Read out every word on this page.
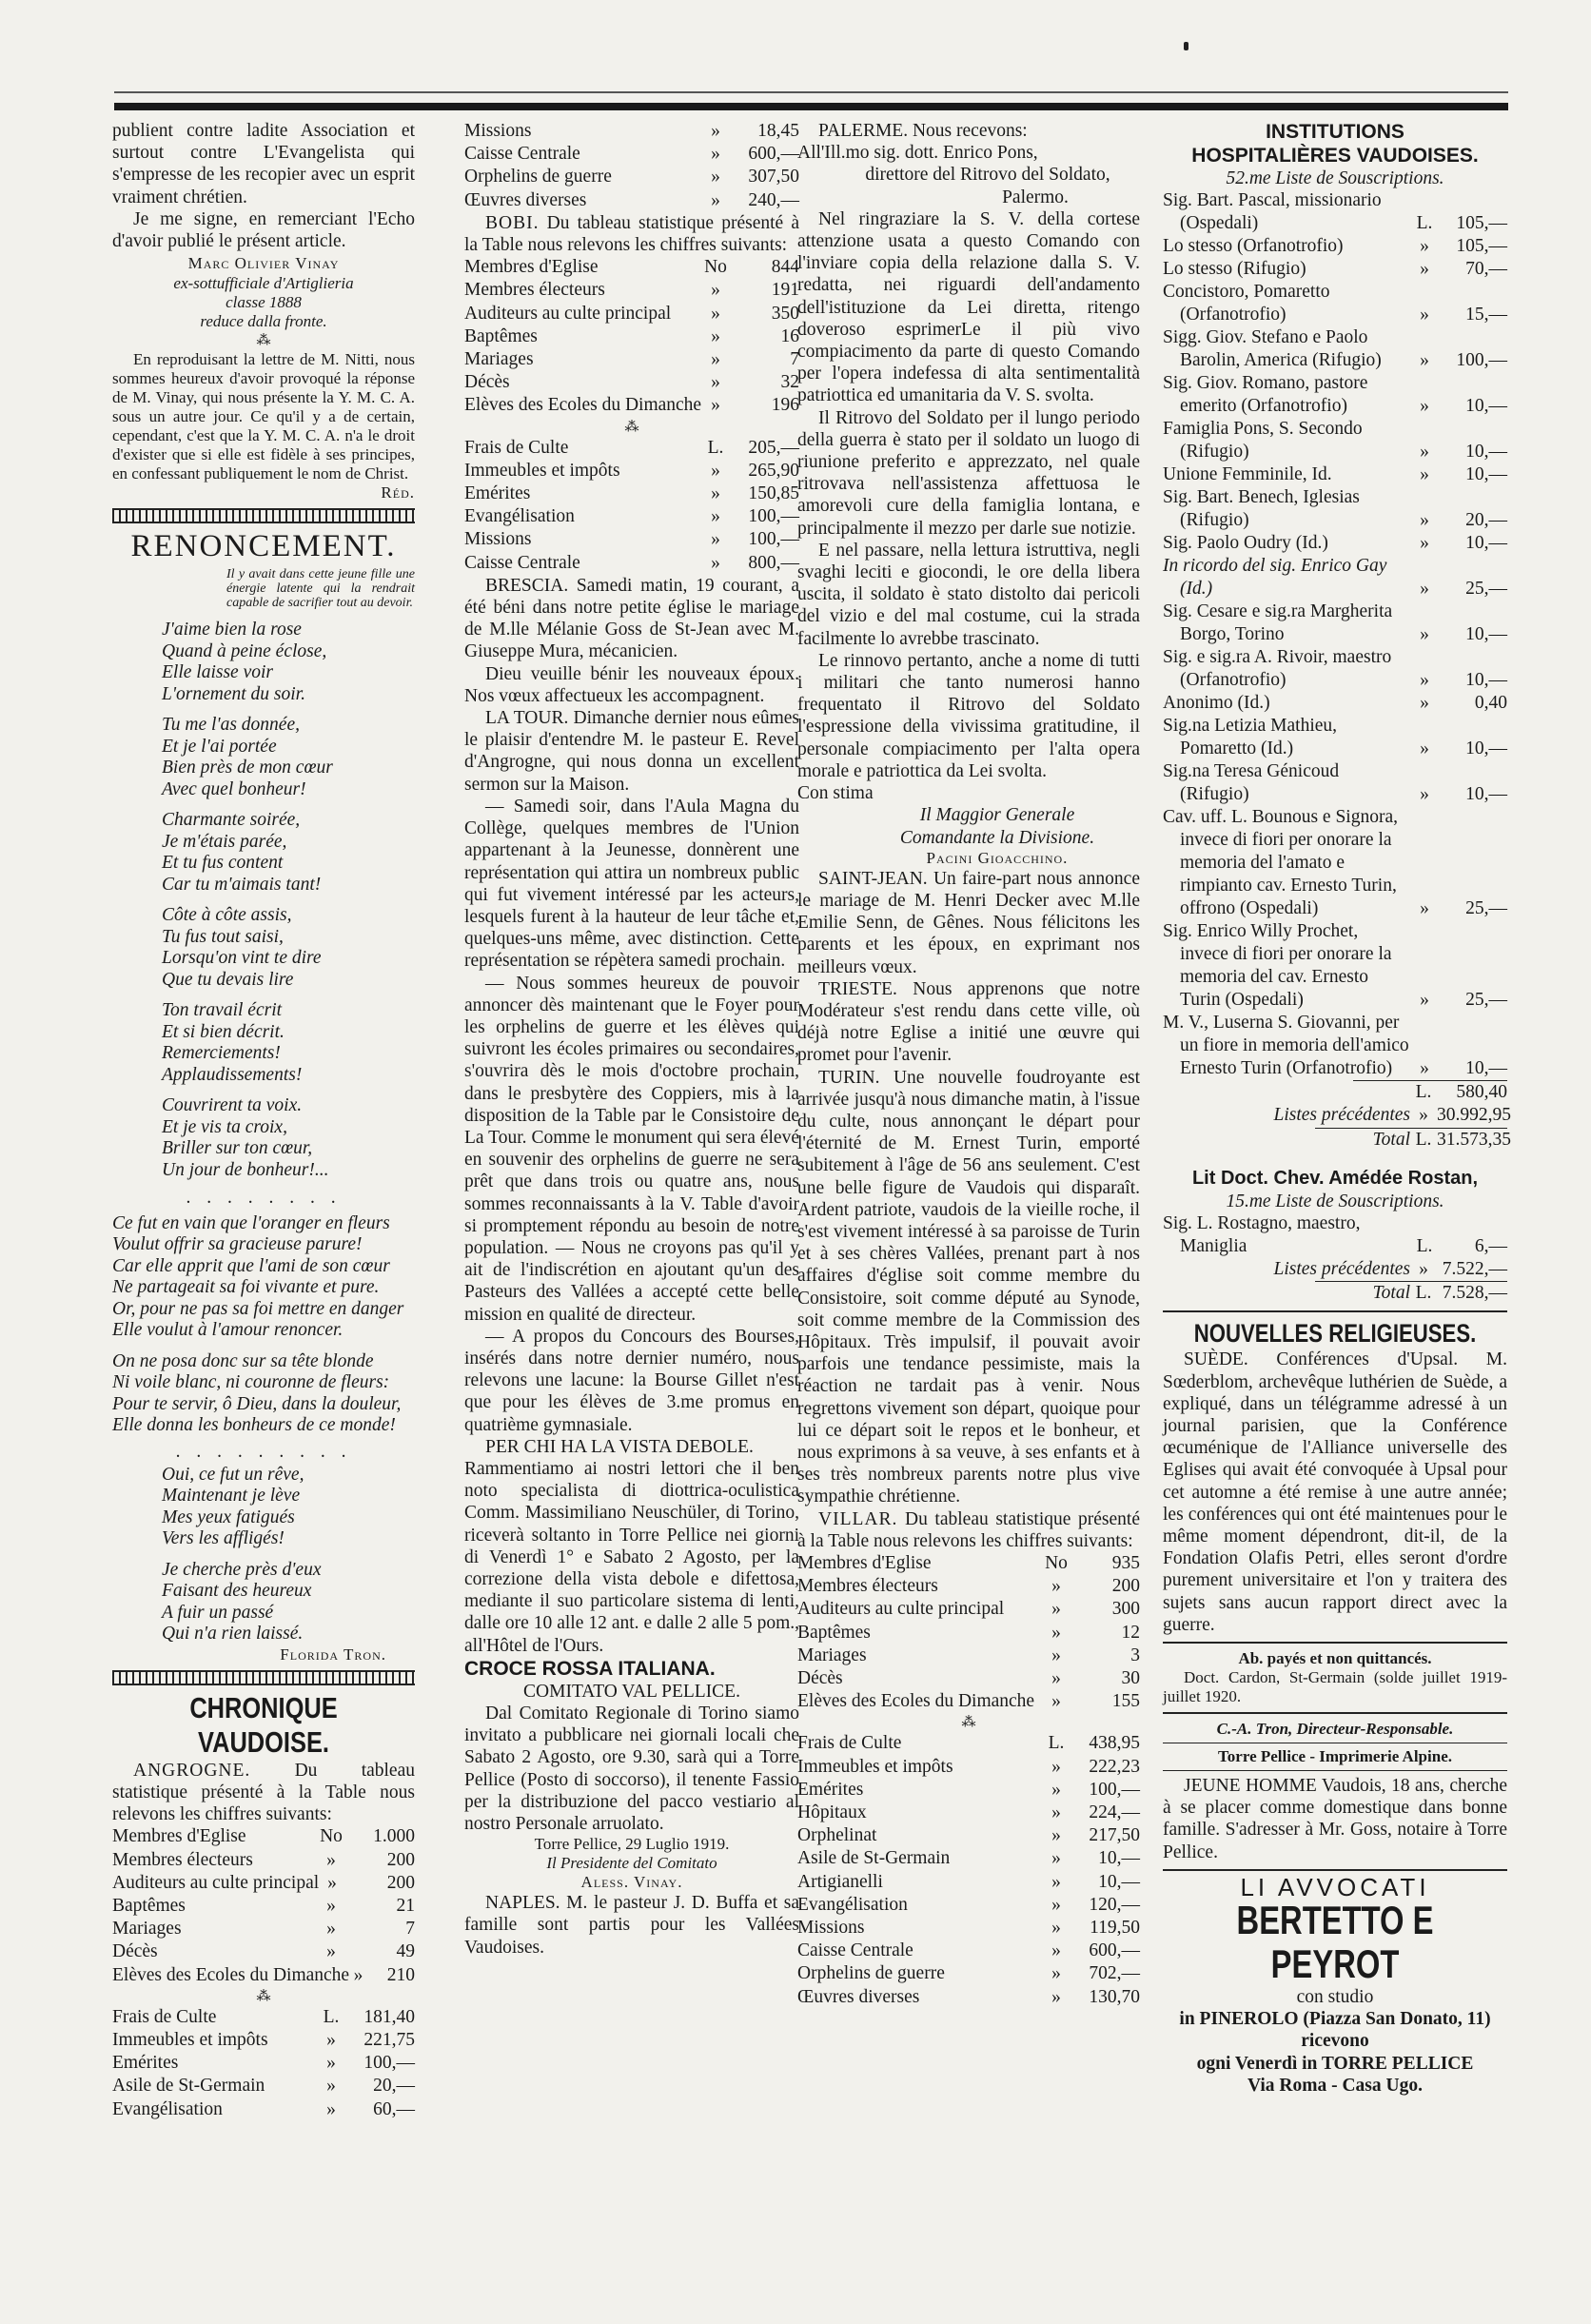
publient contre ladite Association et surtout contre L'Evangelista qui s'empresse de les recopier avec un esprit vraiment chrétien.

Je me signe, en remerciant l'Echo d'avoir publié le présent article.

Marc Olivier Vinay

ex-sottufficiale d'Artiglieria

classe 1888

reduce dalla fronte.

⁂

En reproduisant la lettre de M. Nitti, nous sommes heureux d'avoir provoqué la réponse de M. Vinay, qui nous présente la Y. M. C. A. sous un autre jour. Ce qu'il y a de certain, cependant, c'est que la Y. M. C. A. n'a le droit d'exister que si elle est fidèle à ses principes, en confessant publiquement le nom de Christ.

Réd.

RENONCEMENT.

Il y avait dans cette jeune fille une énergie latente qui la rendrait capable de sacrifier tout au devoir.

J'aime bien la rose
Quand à peine éclose,
Elle laisse voir
L'ornement du soir.
Tu me l'as donnée,
Et je l'ai portée
Bien près de mon cœur
Avec quel bonheur!
Charmante soirée,
Je m'étais parée,
Et tu fus content
Car tu m'aimais tant!
Côte à côte assis,
Tu fus tout saisi,
Lorsqu'on vint te dire
Que tu devais lire
Ton travail écrit
Et si bien décrit.
Remerciements!
Applaudissements!
Couvrirent ta voix.
Et je vis ta croix,
Briller sur ton cœur,
Un jour de bonheur!...

. . . . . . . .

Ce fut en vain que l'oranger en fleurs
Voulut offrir sa gracieuse parure!
Car elle apprit que l'ami de son cœur
Ne partageait sa foi vivante et pure.
Or, pour ne pas sa foi mettre en danger
Elle voulut à l'amour renoncer.
On ne posa donc sur sa tête blonde
Ni voile blanc, ni couronne de fleurs:
Pour te servir, ô Dieu, dans la douleur,
Elle donna les bonheurs de ce monde!

. . . . . . . . .

Oui, ce fut un rêve,
Maintenant je lève
Mes yeux fatigués
Vers les affligés!
Je cherche près d'eux
Faisant des heureux
A fuir un passé
Qui n'a rien laissé.

Florida Tron.

CHRONIQUE VAUDOISE.

ANGROGNE. Du tableau statistique présenté à la Table nous relevons les chiffres suivants:

Membres d'Eglise	No	1.000
Membres électeurs	»	200
Auditeurs au culte principal »	200
Baptêmes	»	21
Mariages	»	7
Décès	»	49
Elèves des Ecoles du Dimanche »	210
⁂
Frais de Culte	L.	181,40
Immeubles et impôts	»	221,75
Emérites	»	100,—
Asile de St-Germain	»	20,—
Evangélisation	»	60,—
Missions	»	18,45
Caisse Centrale	»	600,—
Orphelins de guerre	»	307,50
Œuvres diverses	»	240,—

BOBI. Du tableau statistique présenté à la Table nous relevons les chiffres suivants:

Membres d'Eglise	No	844
Membres électeurs	»	191
Auditeurs au culte principal	»	350
Baptêmes	»	16
Mariages	»	7
Décès	»	32
Elèves des Ecoles du Dimanche »	196
⁂
Frais de Culte	L.	205,—
Immeubles et impôts	»	265,90
Emérites	»	150,85
Evangélisation	»	100,—
Missions	»	100,—
Caisse Centrale	»	800,—

BRESCIA. Samedi matin, 19 courant, a été béni dans notre petite église le mariage de M.lle Mélanie Goss de St-Jean avec M. Giuseppe Mura, mécanicien.

Dieu veuille bénir les nouveaux époux. Nos vœux affectueux les accompagnent.

LA TOUR. Dimanche dernier nous eûmes le plaisir d'entendre M. le pasteur E. Revel d'Angrogne, qui nous donna un excellent sermon sur la Maison.

— Samedi soir, dans l'Aula Magna du Collège, quelques membres de l'Union appartenant à la Jeunesse, donnèrent une représentation qui attira un nombreux public qui fut vivement intéressé par les acteurs, lesquels furent à la hauteur de leur tâche et, quelques-uns même, avec distinction. Cette représentation se répètera samedi prochain.

— Nous sommes heureux de pouvoir annoncer dès maintenant que le Foyer pour les orphelins de guerre et les élèves qui suivront les écoles primaires ou secondaires, s'ouvrira dès le mois d'octobre prochain, dans le presbytère des Coppiers, mis à la disposition de la Table par le Consistoire de La Tour. Comme le monument qui sera élevé en souvenir des orphelins de guerre ne sera prêt que dans trois ou quatre ans, nous sommes reconnaissants à la V. Table d'avoir si promptement répondu au besoin de notre population. — Nous ne croyons pas qu'il y ait de l'indiscrétion en ajoutant qu'un des Pasteurs des Vallées a accepté cette belle mission en qualité de directeur.

— A propos du Concours des Bourses, insérés dans notre dernier numéro, nous relevons une lacune: la Bourse Gillet n'est que pour les élèves de 3.me promus en quatrième gymnasiale.

PER CHI HA LA VISTA DEBOLE.

Rammentiamo ai nostri lettori che il ben noto specialista di diottrica-oculistica Comm. Massimiliano Neuschüler, di Torino, riceverà soltanto in Torre Pellice nei giorni di Venerdì 1° e Sabato 2 Agosto, per la correzione della vista debole e difettosa, mediante il suo particolare sistema di lenti, dalle ore 10 alle 12 ant. e dalle 2 alle 5 pom., all'Hôtel de l'Ours.

CROCE ROSSA ITALIANA.

COMITATO VAL PELLICE.

Dal Comitato Regionale di Torino siamo invitato a pubblicare nei giornali locali che Sabato 2 Agosto, ore 9.30, sarà qui a Torre Pellice (Posto di soccorso), il tenente Fassio per la distribuzione del pacco vestiario al nostro Personale arruolato.

Torre Pellice, 29 Luglio 1919.

Il Presidente del Comitato

Aless. Vinay.

NAPLES. M. le pasteur J. D. Buffa et sa famille sont partis pour les Vallées Vaudoises.

PALERME. Nous recevons:

All'Ill.mo sig. dott. Enrico Pons,

direttore del Ritrovo del Soldato,

Palermo.

Nel ringraziare la S. V. della cortese attenzione usata a questo Comando con l'inviare copia della relazione dalla S. V. redatta, nei riguardi dell'andamento dell'istituzione da Lei diretta, ritengo doveroso esprimerLe il più vivo compiacimento da parte di questo Comando per l'opera indefessa di alta sentimentalità patriottica ed umanitaria da V. S. svolta.

Il Ritrovo del Soldato per il lungo periodo della guerra è stato per il soldato un luogo di riunione preferito e apprezzato, nel quale ritrovava nell'assistenza affettuosa le amorevoli cure della famiglia lontana, e principalmente il mezzo per darle sue notizie.

E nel passare, nella lettura istruttiva, negli svaghi leciti e giocondi, le ore della libera uscita, il soldato è stato distolto dai pericoli del vizio e del mal costume, cui la strada facilmente lo avrebbe trascinato.

Le rinnovo pertanto, anche a nome di tutti i militari che tanto numerosi hanno frequentato il Ritrovo del Soldato l'espressione della vivissima gratitudine, il personale compiacimento per l'alta opera morale e patriottica da Lei svolta.

Con stima

Il Maggior Generale

Comandante la Divisione.

Pacini Gioacchino.

SAINT-JEAN. Un faire-part nous annonce le mariage de M. Henri Decker avec M.lle Emilie Senn, de Gênes. Nous félicitons les parents et les époux, en exprimant nos meilleurs vœux.

TRIESTE. Nous apprenons que notre Modérateur s'est rendu dans cette ville, où déjà notre Eglise a initié une œuvre qui promet pour l'avenir.

TURIN. Une nouvelle foudroyante est arrivée jusqu'à nous dimanche matin, à l'issue du culte, nous annonçant le départ pour l'éternité de M. Ernest Turin, emporté subitement à l'âge de 56 ans seulement. C'est une belle figure de Vaudois qui disparaît. Ardent patriote, vaudois de la vieille roche, il s'est vivement intéressé à sa paroisse de Turin et à ses chères Vallées, prenant part à nos affaires d'église soit comme membre du Consistoire, soit comme député au Synode, soit comme membre de la Commission des Hôpitaux. Très impulsif, il pouvait avoir parfois une tendance pessimiste, mais la réaction ne tardait pas à venir. Nous regrettons vivement son départ, quoique pour lui ce départ soit le repos et le bonheur, et nous exprimons à sa veuve, à ses enfants et à ses très nombreux parents notre plus vive sympathie chrétienne.

VILLAR. Du tableau statistique présenté à la Table nous relevons les chiffres suivants:

Membres d'Eglise	No	935
Membres électeurs	»	200
Auditeurs au culte principal	»	300
Baptêmes	»	12
Mariages	»	3
Décès	»	30
Elèves des Ecoles du Dimanche »	155
⁂
Frais de Culte	L.	438,95
Immeubles et impôts	»	222,23
Emérites	»	100,—
Hôpitaux	»	224,—
Orphelinat	»	217,50
Asile de St-Germain	»	10,—
Artigianelli	»	10,—
Evangélisation	»	120,—
Missions	»	119,50
Caisse Centrale	»	600,—
Orphelins de guerre	»	702,—
Œuvres diverses	»	130,70
INSTITUTIONS
HOSPITALIÈRES VAUDOISES.

52.me Liste de Souscriptions.

Sig. Bart. Pascal, missionario (Ospedali)	L.	105,—
Lo stesso (Orfanotrofio)	»	105,—
Lo stesso (Rifugio)	»	70,—
Concistoro, Pomaretto (Orfanotrofio)	»	15,—
Sigg. Giov. Stefano e Paolo Barolin, America (Rifugio)	»	100,—
Sig. Giov. Romano, pastore emerito (Orfanotrofio)	»	10,—
Famiglia Pons, S. Secondo (Rifugio)	»	10,—
Unione Femminile, Id.	»	10,—
Sig. Bart. Benech, Iglesias (Rifugio)	»	20,—
Sig. Paolo Oudry (Id.)	»	10,—
In ricordo del sig. Enrico Gay (Id.)	»	25,—
Sig. Cesare e sig.ra Margherita Borgo, Torino	»	10,—
Sig. e sig.ra A. Rivoir, maestro (Orfanotrofio)	»	10,—
Anonimo (Id.)	»	0,40
Sig.na Letizia Mathieu, Pomaretto (Id.)	»	10,—
Sig.na Teresa Génicoud (Rifugio)	»	10,—
Cav. uff. L. Bounous e Signora, invece di fiori per onorare la memoria del l'amato e rimpianto cav. Ernesto Turin, offrono (Ospedali)	»	25,—
Sig. Enrico Willy Prochet, invece di fiori per onorare la memoria del cav. Ernesto Turin (Ospedali)	»	25,—
M. V., Luserna S. Giovanni, per un fiore in memoria dell'amico Ernesto Turin (Orfanotrofio)	»	10,—
L.	580,40
Listes précédentes » 30.992,95
Total L. 31.573,35
Lit Doct. Chev. Amédée Rostan,

15.me Liste de Souscriptions.

Sig. L. Rostagno, maestro, Maniglia	L.	6,—
Listes précédentes » 7.522,—
Total L. 7.528,—
NOUVELLES RELIGIEUSES.

SUÈDE. Conférences d'Upsal. M. Sœderblom, archevêque luthérien de Suède, a expliqué, dans un télégramme adressé à un journal parisien, que la Conférence œcuménique de l'Alliance universelle des Eglises qui avait été convoquée à Upsal pour cet automne a été remise à une autre année; les conférences qui ont été maintenues pour le même moment dépendront, dit-il, de la Fondation Olafis Petri, elles seront d'ordre purement universitaire et l'on y traitera des sujets sans aucun rapport direct avec la guerre.

Ab. payés et non quittancés.

Doct. Cardon, St-Germain (solde juillet 1919-juillet 1920.

C.-A. Tron, Directeur-Responsable.

Torre Pellice - Imprimerie Alpine.

JEUNE HOMME Vaudois, 18 ans, cherche à se placer comme domestique dans bonne famille. S'adresser à Mr. Goss, notaire à Torre Pellice.

LI AVVOCATI
BERTETTO E PEYROT

con studio

in PINEROLO (Piazza San Donato, 11)

ricevono

ogni Venerdì in TORRE PELLICE

Via Roma - Casa Ugo.
